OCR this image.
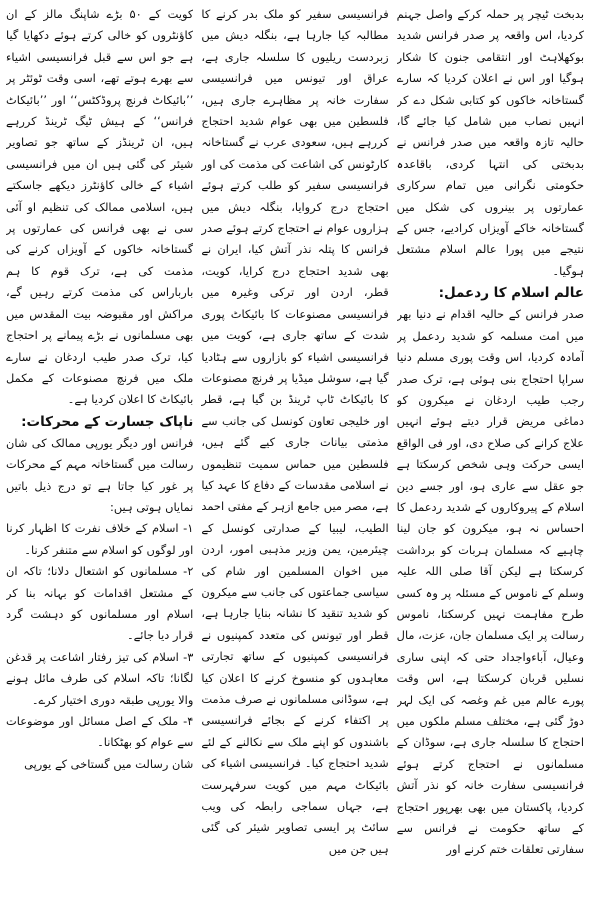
بدبخت ٹیچر پر حملہ کرکے واصل جہنم کردیا، اس واقعہ پر صدر فرانس شدید بوکھلاہٹ اور انتقامی جنون کا شکار ہوگیا اور اس نے اعلان کردیا کہ سارے گستاخانہ خاکوں کو کتابی شکل دے کر انہیں نصاب میں شامل کیا جائے گا، حالیہ تازہ واقعہ میں صدر فرانس نے بدبختی کی انتہا کردی، باقاعدہ حکومتی نگرانی میں تمام سرکاری عمارتوں پر بینروں کی شکل میں گستاخانہ خاکے آویزاں کرادیے، جس کے نتیجے میں پورا عالم اسلام مشتعل ہوگیا۔

عالم اسلام کا ردعمل:

صدر فرانس کے حالیہ اقدام نے دنیا بھر میں امت مسلمہ کو شدید ردعمل پر آمادہ کردیا، اس وقت پوری مسلم دنیا سراپا احتجاج بنی ہوئی ہے، ترک صدر رجب طیب اردغان نے میکرون کو دماغی مریض قرار دیتے ہوئے انہیں علاج کرانے کی صلاح دی، اور فی الواقع ایسی حرکت وہی شخص کرسکتا ہے جو عقل سے عاری ہو، اور جسے دین اسلام کے پیروکاروں کے شدید ردعمل کا احساس نہ ہو، میکرون کو جان لینا چاہیے کہ مسلمان ہربات کو برداشت کرسکتا ہے لیکن آقا صلی اللہ علیہ وسلم کے ناموس کے مسئلہ پر وہ کسی طرح مفاہمت نہیں کرسکتا، ناموس رسالت پر ایک مسلمان جان، عزت، مال وعیال، آباءواجداد حتی کہ اپنی ساری نسلیں قربان کرسکتا ہے، اس وقت پورے عالم میں غم وغصہ کی ایک لہر دوڑ گئی ہے، مختلف مسلم ملکوں میں احتجاج کا سلسلہ جاری ہے، سوڈان کے مسلمانوں نے احتجاج کرتے ہوئے فرانسیسی سفارت خانہ کو نذر آتش کردیا، پاکستان میں بھی بھرپور احتجاج کے ساتھ حکومت نے فرانس سے سفارتی تعلقات ختم کرنے اور

فرانسیسی سفیر کو ملک بدر کرنے کا مطالبہ کیا جارہا ہے، بنگلہ دیش میں زبردست ریلیوں کا سلسلہ جاری ہے، عراق اور تیونس میں فرانسیسی سفارت خانہ پر مظاہرے جاری ہیں، فلسطین میں بھی عوام شدید احتجاج کررہے ہیں، سعودی عرب نے گستاخانہ کارٹونس کی اشاعت کی مذمت کی اور فرانسیسی سفیر کو طلب کرتے ہوئے احتجاج درج کروایا، بنگلہ دیش میں ہزاروں عوام نے احتجاج کرتے ہوئے صدر فرانس کا پتلہ نذر آتش کیا، ایران نے بھی شدید احتجاج درج کرایا، کویت، قطر، اردن اور ترکی وغیرہ میں فرانسیسی مصنوعات کا بائیکاٹ پوری شدت کے ساتھ جاری ہے، کویت میں فرانسیسی اشیاء کو بازاروں سے ہٹادیا گیا ہے، سوشل میڈیا پر فرنچ مصنوعات کا بائیکاٹ ٹاپ ٹرینڈ بن گیا ہے، قطر اور خلیجی تعاون کونسل کی جانب سے مذمتی بیانات جاری کیے گئے ہیں، فلسطین میں حماس سمیت تنظیموں نے اسلامی مقدسات کے دفاع کا عہد کیا ہے، مصر میں جامع ازہر کے مفتی احمد الطیب، لیبیا کے صدارتی کونسل کے چیئرمین، یمن وزیر مذہبی امور، اردن میں اخوان المسلمین اور شام کی سیاسی جماعتوں کی جانب سے میکرون کو شدید تنقید کا نشانہ بنایا جارہا ہے، قطر اور تیونس کی متعدد کمپنیوں نے فرانسیسی کمپنیوں کے ساتھ تجارتی معاہدوں کو منسوخ کرنے کا اعلان کیا ہے، سوڈانی مسلمانوں نے صرف مذمت پر اکتفاء کرنے کے بجائے فرانسیسی باشندوں کو اپنے ملک سے نکالنے کے لئے شدید احتجاج کیا۔ فرانسیسی اشیاء کی بائیکاٹ مہم میں کویت سرفہرست ہے، جہاں سماجی رابطہ کی ویب سائٹ پر ایسی تصاویر شیئر کی گئی ہیں جن میں

کویت کے ۵۰ بڑے شاپنگ مالز کے ان کاؤنٹروں کو خالی کرتے ہوئے دکھایا گیا ہے جو اس سے قبل فرانسیسی اشیاء سے بھرے ہوتے تھے، اسی وقت ٹوئٹر پر ’’بائیکاٹ فرنچ پروڈکٹس‘‘ اور ’’بائیکاٹ فرانس‘‘ کے ہیش ٹیگ ٹرینڈ کررہے ہیں، ان ٹرینڈز کے ساتھ جو تصاویر شیئر کی گئی ہیں ان میں فرانسیسی اشیاء کے خالی کاؤنٹرز دیکھے جاسکتے ہیں، اسلامی ممالک کی تنظیم او آئی سی نے بھی فرانس کی عمارتوں پر گستاخانہ خاکوں کے آویزاں کرنے کی مذمت کی ہے، ترک قوم کا ہم بارباراس کی مذمت کرتے رہیں گے، مراکش اور مقبوضہ بیت المقدس میں بھی مسلمانوں نے بڑے پیمانے پر احتجاج کیا، ترک صدر طیب اردغان نے سارے ملک میں فرنچ مصنوعات کے مکمل بائیکاٹ کا اعلان کردیا ہے۔

ناپاک جسارت کے محرکات:

فرانس اور دیگر یورپی ممالک کی شان رسالت میں گستاخانہ مہم کے محرکات پر غور کیا جاتا ہے تو درج ذیل باتیں نمایاں ہوتی ہیں:

۱- اسلام کے خلاف نفرت کا اظہار کرنا اور لوگوں کو اسلام سے متنفر کرنا۔

۲- مسلمانوں کو اشتعال دلانا؛ تاکہ ان کے مشتعل اقدامات کو بہانہ بنا کر اسلام اور مسلمانوں کو دہشت گرد قرار دیا جائے۔

۳- اسلام کی تیز رفتار اشاعت پر قدغن لگانا؛ تاکہ اسلام کی طرف مائل ہونے والا یورپی طبقہ دوری اختیار کرے۔

۴- ملک کے اصل مسائل اور موضوعات سے عوام کو بھٹکانا۔

شان رسالت میں گستاخی کے یورپی
